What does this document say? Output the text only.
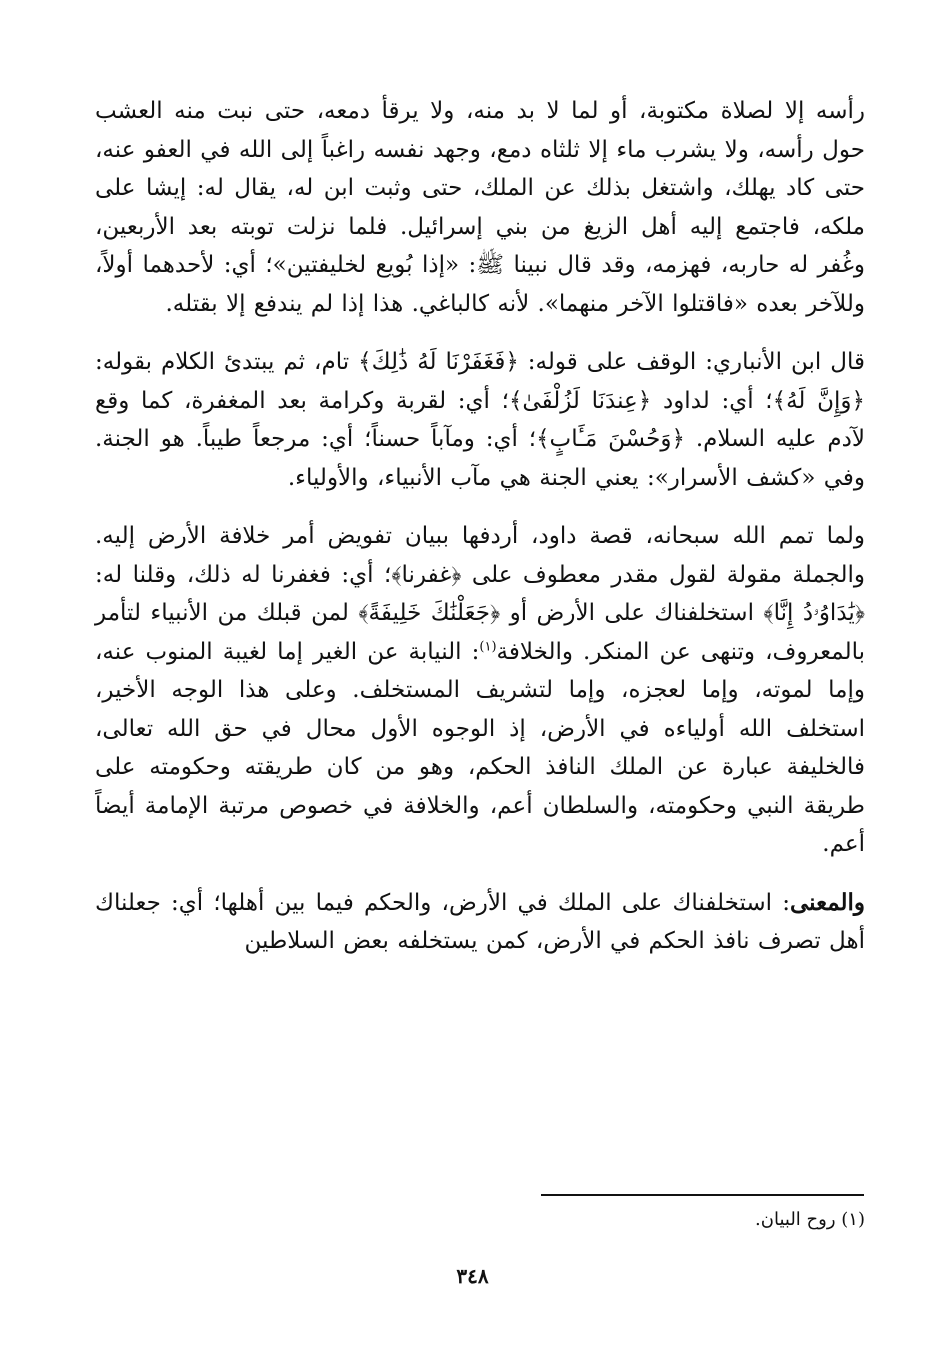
رأسه إلا لصلاة مكتوبة، أو لما لا بد منه، ولا يرقأ دمعه، حتى نبت منه العشب حول رأسه، ولا يشرب ماء إلا ثلثاه دمع، وجهد نفسه راغباً إلى الله في العفو عنه، حتى كاد يهلك، واشتغل بذلك عن الملك، حتى وثبت ابن له، يقال له: إيشا على ملكه، فاجتمع إليه أهل الزيغ من بني إسرائيل. فلما نزلت توبته بعد الأربعين، وغُفر له حاربه، فهزمه، وقد قال نبينا ﷺ: «إذا بُويع لخليفتين»؛ أي: لأحدهما أولاً، وللآخر بعده «فاقتلوا الآخر منهما». لأنه كالباغي. هذا إذا لم يندفع إلا بقتله.

قال ابن الأنباري: الوقف على قوله: ﴿فَغَفَرْنَا لَهُ ذَٰلِكَ﴾ تام، ثم يبتدئ الكلام بقوله: ﴿وَإِنَّ لَهُ﴾؛ أي: لداود ﴿عِندَنَا لَزُلْفَىٰ﴾؛ أي: لقربة وكرامة بعد المغفرة، كما وقع لآدم عليه السلام. ﴿وَحُسْنَ مَـَٔابٍ﴾؛ أي: ومآباً حسناً؛ أي: مرجعاً طيباً. هو الجنة. وفي «كشف الأسرار»: يعني الجنة هي مآب الأنبياء، والأولياء.

ولما تمم الله سبحانه، قصة داود، أردفها ببيان تفويض أمر خلافة الأرض إليه. والجملة مقولة لقول مقدر معطوف على ﴿غفرنا﴾؛ أي: فغفرنا له ذلك، وقلنا له: ﴿يَٰدَاوُۥدُ إِنَّا﴾ استخلفناك على الأرض أو ﴿جَعَلْنَٰكَ خَلِيفَةً﴾ لمن قبلك من الأنبياء لتأمر بالمعروف، وتنهى عن المنكر. والخلافة$^{(١)}$: النيابة عن الغير إما لغيبة المنوب عنه، وإما لموته، وإما لعجزه، وإما لتشريف المستخلف. وعلى هذا الوجه الأخير، استخلف الله أولياءه في الأرض، إذ الوجوه الأول محال في حق الله تعالى، فالخليفة عبارة عن الملك النافذ الحكم، وهو من كان طريقته وحكومته على طريقة النبي وحكومته، والسلطان أعم، والخلافة في خصوص مرتبة الإمامة أيضاً أعم.

والمعنى: استخلفناك على الملك في الأرض، والحكم فيما بين أهلها؛ أي: جعلناك أهل تصرف نافذ الحكم في الأرض، كمن يستخلفه بعض السلاطين

(١) روح البيان.
٣٤٨
